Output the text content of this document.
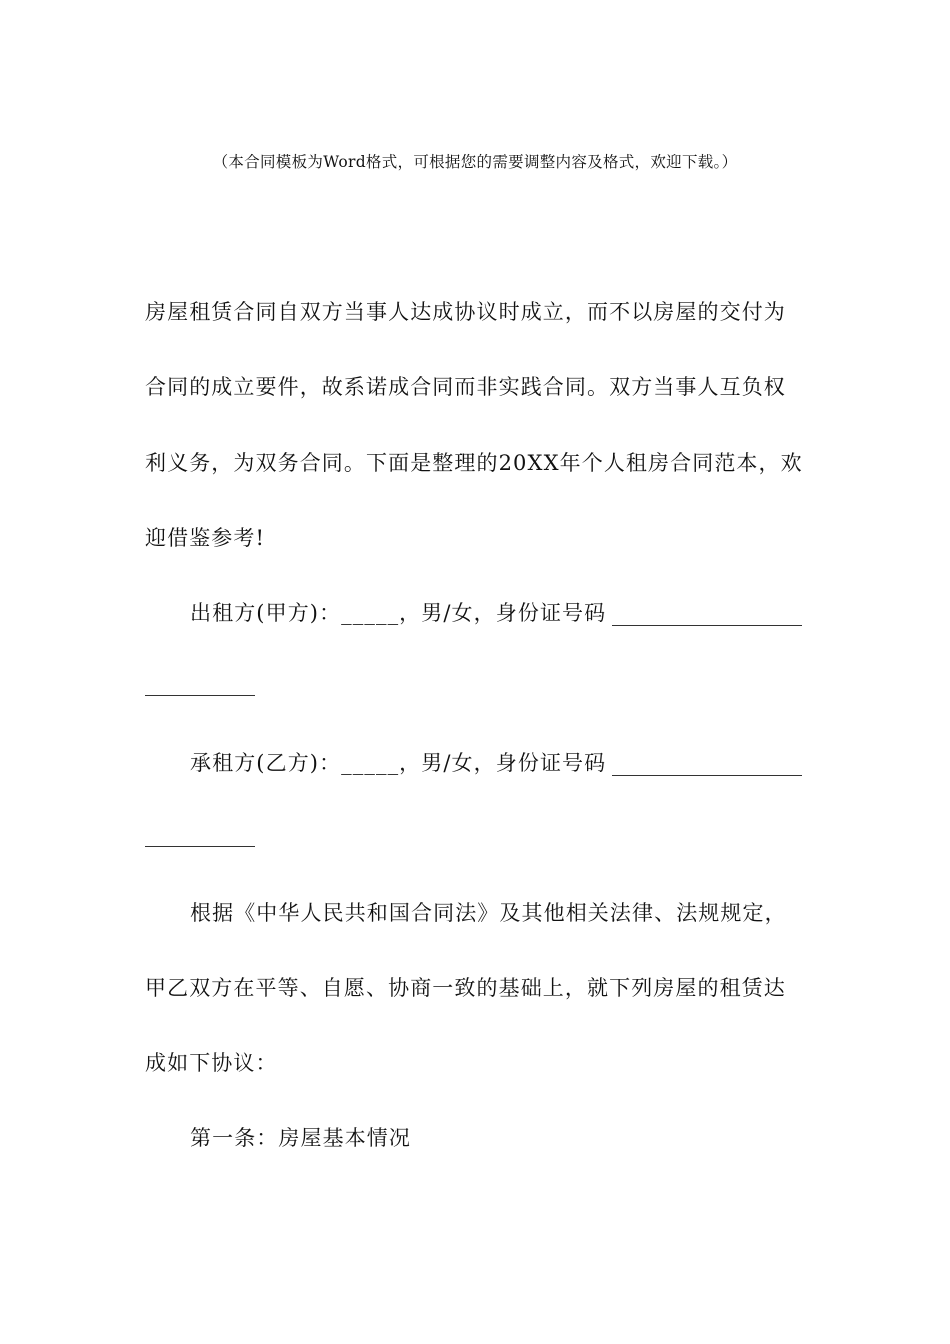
（本合同模板为Word格式，可根据您的需要调整内容及格式，欢迎下载。）
房屋租赁合同自双方当事人达成协议时成立，而不以房屋的交付为
合同的成立要件，故系诺成合同而非实践合同。双方当事人互负权
利义务，为双务合同。下面是整理的20XX年个人租房合同范本，欢
迎借鉴参考!
出租方(甲方)：_____，男/女，身份证号码
承租方(乙方)：_____，男/女，身份证号码
根据《中华人民共和国合同法》及其他相关法律、法规规定，
甲乙双方在平等、自愿、协商一致的基础上，就下列房屋的租赁达
成如下协议：
第一条：房屋基本情况
